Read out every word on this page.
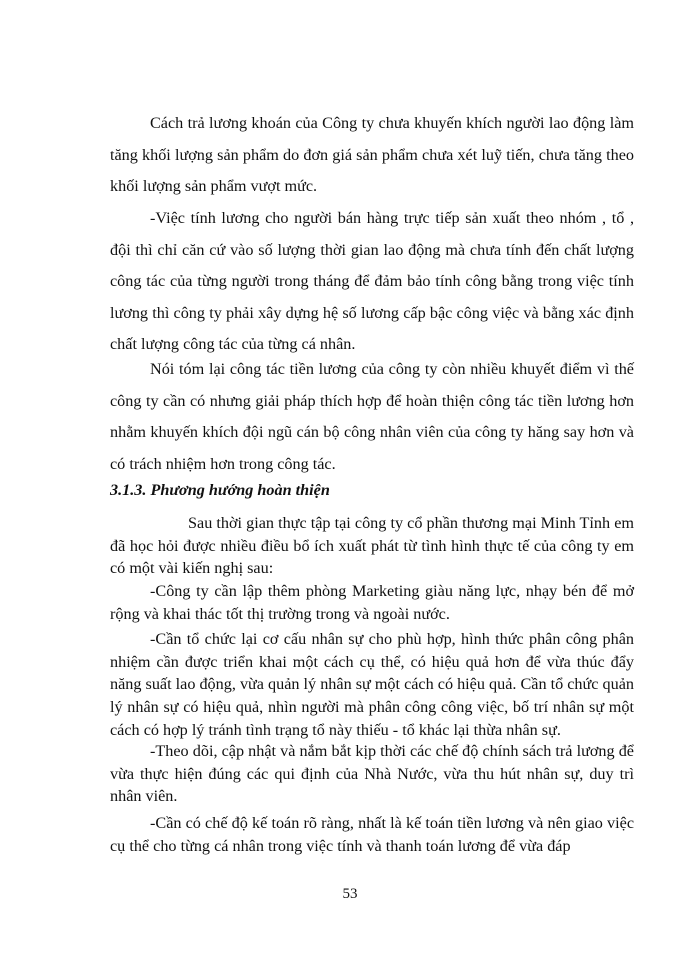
Cách trả lương khoán của Công ty chưa khuyến khích người lao động làm tăng khối lượng sản phẩm do đơn giá sản phẩm chưa xét luỹ tiến, chưa tăng theo khối lượng sản phẩm vượt mức.

-Việc tính lương cho người bán hàng trực tiếp sản xuất theo nhóm , tổ , đội thì chỉ căn cứ vào số lượng thời gian lao động mà chưa tính đến chất lượng công tác của từng người trong tháng để đảm bảo tính công bằng trong việc tính lương thì công ty phải xây dựng hệ số lương cấp bậc công việc và bằng xác định chất lượng công tác của từng cá nhân.

Nói tóm lại công tác tiền lương của công ty còn nhiều khuyết điểm vì thế công ty cần có nhưng giải pháp thích hợp để hoàn thiện công tác tiền lương hơn nhằm khuyến khích đội ngũ cán bộ công nhân viên của công ty hăng say hơn và có trách nhiệm hơn trong công tác.

3.1.3. Phương hướng hoàn thiện

Sau thời gian thực tập tại công ty cổ phần thương mại Minh Tỉnh em đã học hỏi được nhiều điều bổ ích xuất phát từ tình hình thực tế của công ty em có một vài kiến nghị sau:

-Công ty cần lập thêm phòng Marketing giàu năng lực, nhạy bén để mở rộng và khai thác tốt thị trường trong và ngoài nước.

-Cần tổ chức lại cơ cấu nhân sự cho phù hợp, hình thức phân công phân nhiệm cần được triển khai một cách cụ thể, có hiệu quả hơn để vừa thúc đẩy năng suất lao động, vừa quản lý nhân sự một cách có hiệu quả. Cần tổ chức quản lý nhân sự có hiệu quả, nhìn người mà phân công công việc, bố trí nhân sự một cách có hợp lý tránh tình trạng tổ này thiếu - tổ khác lại thừa nhân sự.

-Theo dõi, cập nhật và nắm bắt kịp thời các chế độ chính sách trả lương để vừa thực hiện đúng các qui định của Nhà Nước, vừa thu hút nhân sự, duy trì nhân viên.

-Cần có chế độ kế toán rõ ràng, nhất là kế toán tiền lương và nên giao việc cụ thể cho từng cá nhân trong việc tính và thanh toán lương để vừa đáp

53
